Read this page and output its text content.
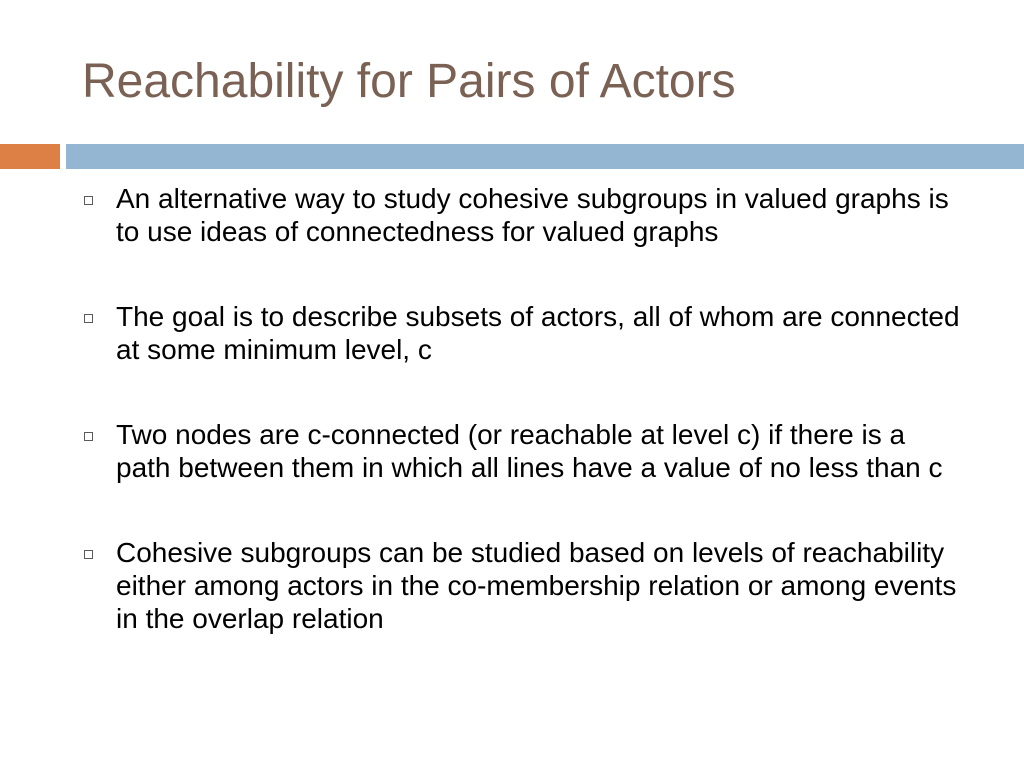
Reachability for Pairs of Actors
An alternative way to study cohesive subgroups in valued graphs is to use ideas of connectedness for valued graphs
The goal is to describe subsets of actors, all of whom are connected at some minimum level, c
Two nodes are c-connected (or reachable at level c) if there is a path between them in which all lines have a value of no less than c
Cohesive subgroups can be studied based on levels of reachability either among actors in the co-membership relation or among events in the overlap relation
